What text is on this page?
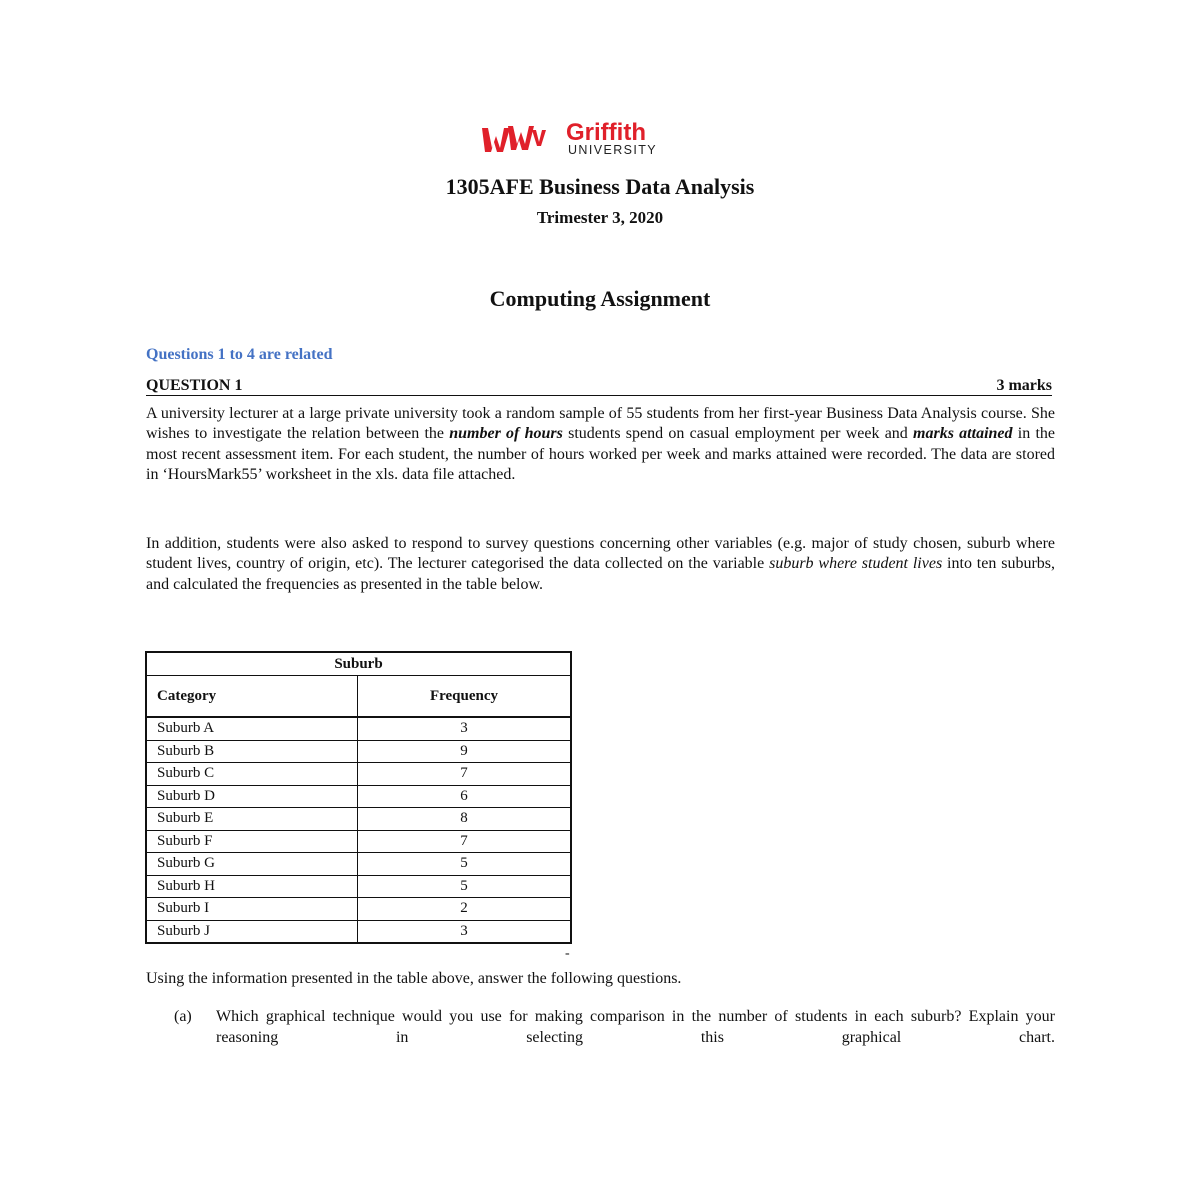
Griffith
UNIVERSITY
1305AFE Business Data Analysis
Trimester 3, 2020
Computing Assignment
Questions 1 to 4 are related
QUESTION 1	3 marks

A university lecturer at a large private university took a random sample of 55 students from her first-year Business Data Analysis course. She wishes to investigate the relation between the number of hours students spend on casual employment per week and marks attained in the most recent assessment item. For each student, the number of hours worked per week and marks attained were recorded. The data are stored in ‘HoursMark55’ worksheet in the xls. data file attached.

In addition, students were also asked to respond to survey questions concerning other variables (e.g. major of study chosen, suburb where student lives, country of origin, etc). The lecturer categorised the data collected on the variable suburb where student lives into ten suburbs, and calculated the frequencies as presented in the table below.

Suburb	
Category	Frequency
Suburb A	3
Suburb B	9
Suburb C	7
Suburb D	6
Suburb E	8
Suburb F	7
Suburb G	5
Suburb H	5
Suburb I	2
Suburb J	3
-
Using the information presented in the table above, answer the following questions.
(a) Which graphical technique would you use for making comparison in the number of students in each suburb? Explain your reasoning in selecting this graphical chart.
